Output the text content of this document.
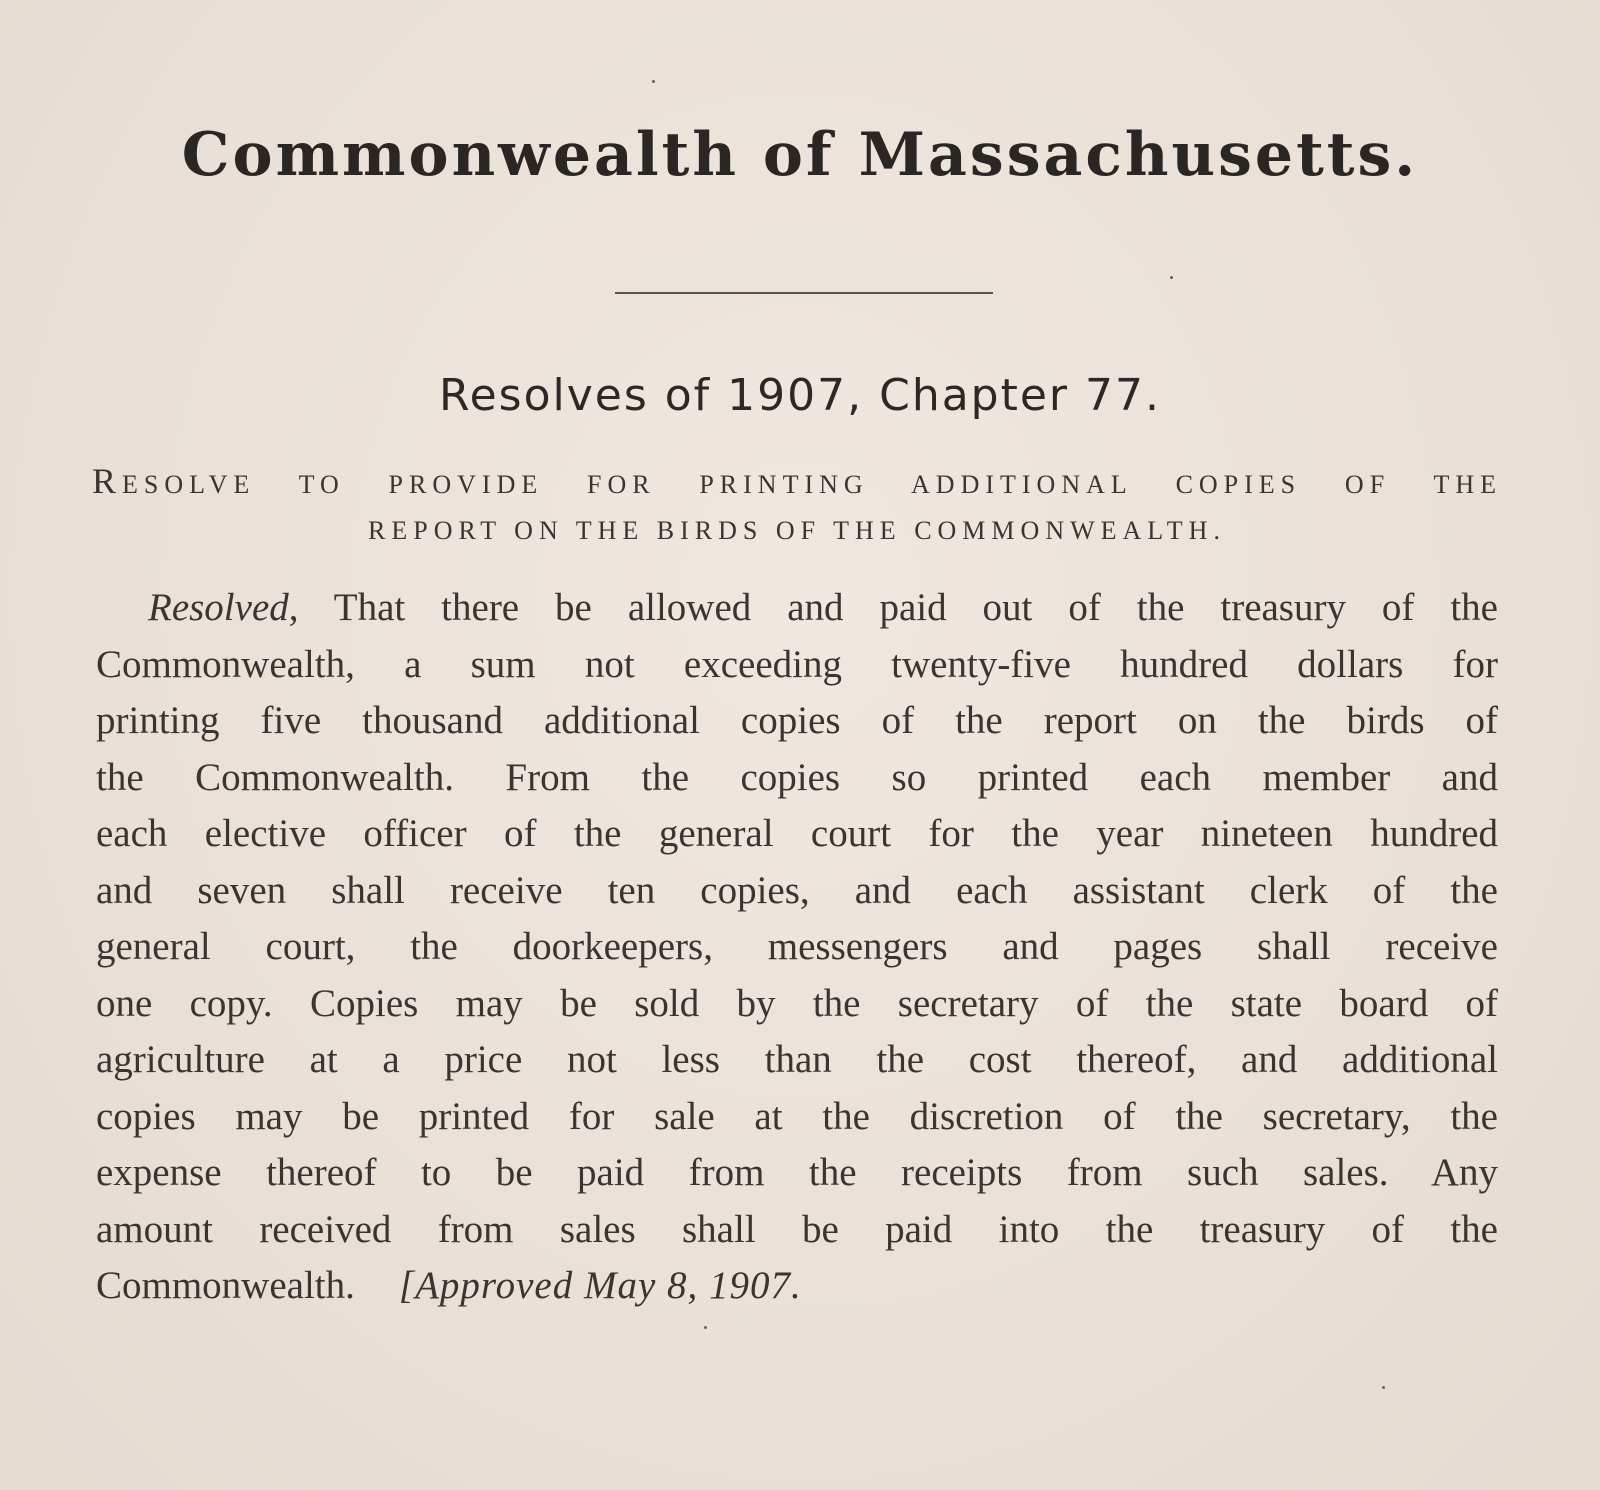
Commonwealth of Massachusetts.
Resolves of 1907, Chapter 77.
RESOLVE TO PROVIDE FOR PRINTING ADDITIONAL COPIES OF THE
REPORT ON THE BIRDS OF THE COMMONWEALTH.
Resolved, That there be allowed and paid out of the treasury of the
Commonwealth, a sum not exceeding twenty-five hundred dollars for
printing five thousand additional copies of the report on the birds of
the Commonwealth. From the copies so printed each member and
each elective officer of the general court for the year nineteen hundred
and seven shall receive ten copies, and each assistant clerk of the
general court, the doorkeepers, messengers and pages shall receive
one copy. Copies may be sold by the secretary of the state board of
agriculture at a price not less than the cost thereof, and additional
copies may be printed for sale at the discretion of the secretary, the
expense thereof to be paid from the receipts from such sales. Any
amount received from sales shall be paid into the treasury of the
Commonwealth. [Approved May 8, 1907.
